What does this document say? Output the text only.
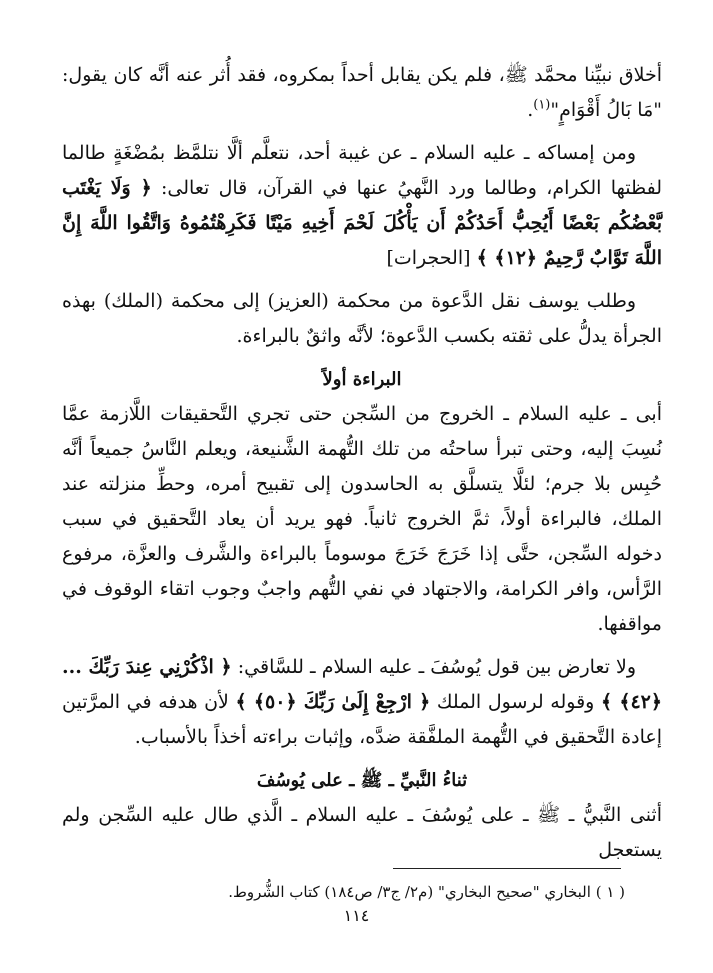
أخلاق نبيِّنا محمَّد ﷺ، فلم يكن يقابل أحداً بمكروه، فقد أُثر عنه أنَّه كان يقول: "مَا بَالُ أَقْوَامٍ"$^{(١)}$.

ومن إمساكه ـ عليه السلام ـ عن غيبة أحد، نتعلَّم ألَّا نتلمَّظ بمُضْغَةٍ طالما لفظتها الكرام، وطالما ورد النَّهيُ عنها في القرآن، قال تعالى: ﴿ وَلَا يَغْتَب بَّعْضُكُم بَعْضًا أَيُحِبُّ أَحَدُكُمْ أَن يَأْكُلَ لَحْمَ أَخِيهِ مَيْتًا فَكَرِهْتُمُوهُ وَاتَّقُوا اللَّهَ إِنَّ اللَّهَ تَوَّابٌ رَّحِيمٌ ﴿١٢﴾ ﴾ [الحجرات]

وطلب يوسف نقل الدَّعوة من محكمة (العزيز) إلى محكمة (الملك) بهذه الجرأة يدلُّ على ثقته بكسب الدَّعوة؛ لأنَّه واثقٌ بالبراءة.

البراءة أولاً

أبى ـ عليه السلام ـ الخروج من السِّجن حتى تجري التَّحقيقات اللَّازمة عمَّا نُسِبَ إليه، وحتى تبرأ ساحتُه من تلك التُّهمة الشَّنيعة، ويعلم النَّاسُ جميعاً أنَّه حُبِس بلا جرم؛ لئلَّا يتسلَّق به الحاسدون إلى تقبيح أمره، وحطِّ منزلته عند الملك، فالبراءة أولاً، ثمَّ الخروج ثانياً. فهو يريد أن يعاد التَّحقيق في سبب دخوله السِّجن، حتَّى إذا خَرَجَ خَرَجَ موسوماً بالبراءة والشَّرف والعزَّة، مرفوع الرَّأس، وافر الكرامة، والاجتهاد في نفي التُّهم واجبٌ وجوب اتقاء الوقوف في مواقفها.

ولا تعارض بين قول يُوسُفَ ـ عليه السلام ـ للسَّاقي: ﴿ اذْكُرْنِي عِندَ رَبِّكَ ... ﴿٤٢﴾ ﴾ وقوله لرسول الملك ﴿ ارْجِعْ إِلَىٰ رَبِّكَ ﴿٥٠﴾ ﴾ لأن هدفه في المرَّتين إعادة التَّحقيق في التُّهمة الملفَّقة ضدَّه، وإثبات براءته أخذاً بالأسباب.

ثناءُ النَّبيِّ ـ ﷺ ـ على يُوسُفَ

أثنى النَّبيُّ ـ ﷺ ـ على يُوسُفَ ـ عليه السلام ـ الَّذي طال عليه السِّجن ولم يستعجل

( ١ ) البخاري "صحيح البخاري" (م٢/ ج٣/ ص١٨٤) كتاب الشُّروط.
١١٤
